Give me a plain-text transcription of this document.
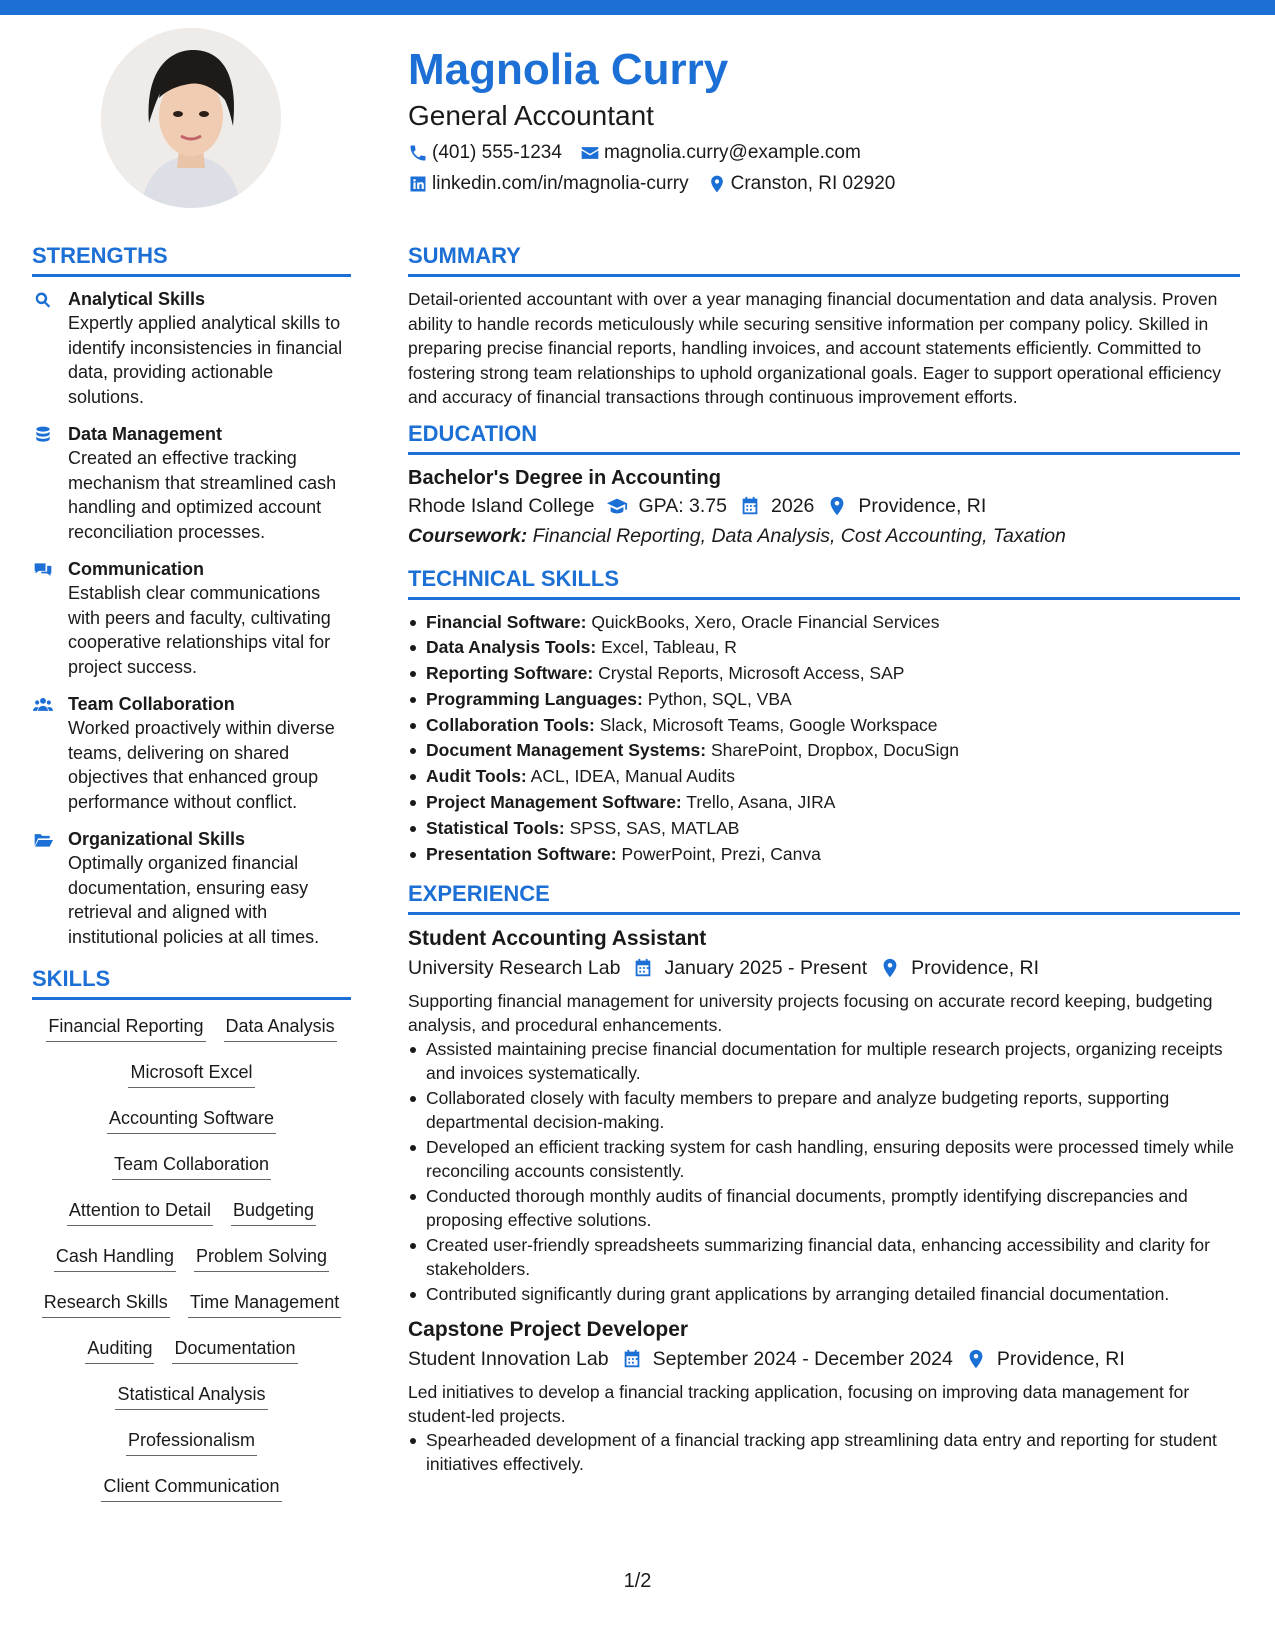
Magnolia Curry
General Accountant
(401) 555-1234 magnolia.curry@example.com
linkedin.com/in/magnolia-curry Cranston, RI 02920
STRENGTHS
Analytical Skills
Expertly applied analytical skills to identify inconsistencies in financial data, providing actionable solutions.
Data Management
Created an effective tracking mechanism that streamlined cash handling and optimized account reconciliation processes.
Communication
Establish clear communications with peers and faculty, cultivating cooperative relationships vital for project success.
Team Collaboration
Worked proactively within diverse teams, delivering on shared objectives that enhanced group performance without conflict.
Organizational Skills
Optimally organized financial documentation, ensuring easy retrieval and aligned with institutional policies at all times.
SKILLS
Financial Reporting Data Analysis
Microsoft Excel
Accounting Software
Team Collaboration
Attention to Detail Budgeting
Cash Handling Problem Solving
Research Skills Time Management
Auditing Documentation
Statistical Analysis
Professionalism
Client Communication
SUMMARY
Detail-oriented accountant with over a year managing financial documentation and data analysis. Proven ability to handle records meticulously while securing sensitive information per company policy. Skilled in preparing precise financial reports, handling invoices, and account statements efficiently. Committed to fostering strong team relationships to uphold organizational goals. Eager to support operational efficiency and accuracy of financial transactions through continuous improvement efforts.
EDUCATION
Bachelor's Degree in Accounting
Rhode Island College GPA: 3.75 2026 Providence, RI
Coursework: Financial Reporting, Data Analysis, Cost Accounting, Taxation
TECHNICAL SKILLS
Financial Software: QuickBooks, Xero, Oracle Financial Services
Data Analysis Tools: Excel, Tableau, R
Reporting Software: Crystal Reports, Microsoft Access, SAP
Programming Languages: Python, SQL, VBA
Collaboration Tools: Slack, Microsoft Teams, Google Workspace
Document Management Systems: SharePoint, Dropbox, DocuSign
Audit Tools: ACL, IDEA, Manual Audits
Project Management Software: Trello, Asana, JIRA
Statistical Tools: SPSS, SAS, MATLAB
Presentation Software: PowerPoint, Prezi, Canva
EXPERIENCE
Student Accounting Assistant
University Research Lab January 2025 - Present Providence, RI
Supporting financial management for university projects focusing on accurate record keeping, budgeting analysis, and procedural enhancements.
Assisted maintaining precise financial documentation for multiple research projects, organizing receipts and invoices systematically.
Collaborated closely with faculty members to prepare and analyze budgeting reports, supporting departmental decision-making.
Developed an efficient tracking system for cash handling, ensuring deposits were processed timely while reconciling accounts consistently.
Conducted thorough monthly audits of financial documents, promptly identifying discrepancies and proposing effective solutions.
Created user-friendly spreadsheets summarizing financial data, enhancing accessibility and clarity for stakeholders.
Contributed significantly during grant applications by arranging detailed financial documentation.
Capstone Project Developer
Student Innovation Lab September 2024 - December 2024 Providence, RI
Led initiatives to develop a financial tracking application, focusing on improving data management for student-led projects.
Spearheaded development of a financial tracking app streamlining data entry and reporting for student initiatives effectively.
1/2
